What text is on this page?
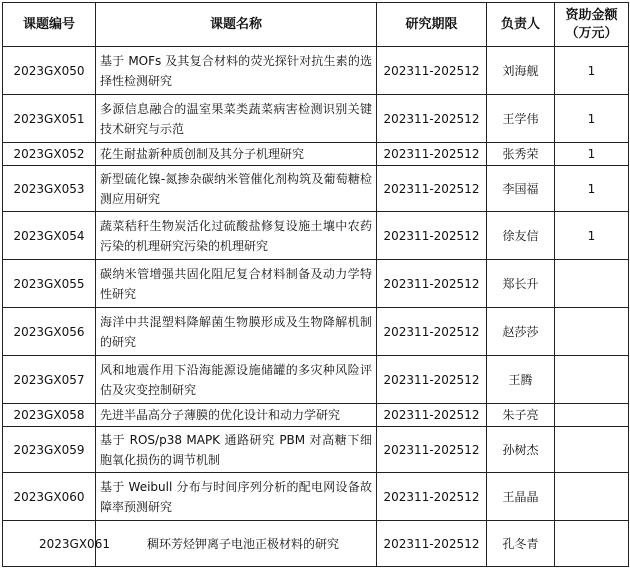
课题编号	课题名称	研究期限	负责人	资助金额（万元）
2023GX050	基于 MOFs 及其复合材料的荧光探针对抗生素的选择性检测研究	202311-202512	刘海舰	1
2023GX051	多源信息融合的温室果菜类蔬菜病害检测识别关键技术研究与示范	202311-202512	王学伟	1
2023GX052	花生耐盐新种质创制及其分子机理研究	202311-202512	张秀荣	1
2023GX053	新型硫化镍-氮掺杂碳纳米管催化剂构筑及葡萄糖检测应用研究	202311-202512	李国福	1
2023GX054	蔬菜秸秆生物炭活化过硫酸盐修复设施土壤中农药污染的机理研究污染的机理研究	202311-202512	徐友信	1
2023GX055	碳纳米管增强共固化阻尼复合材料制备及动力学特性研究	202311-202512	郑长升	
2023GX056	海洋中共混塑料降解菌生物膜形成及生物降解机制的研究	202311-202512	赵莎莎	
2023GX057	风和地震作用下沿海能源设施储罐的多灾种风险评估及灾变控制研究	202311-202512	王腾	
2023GX058	先进半晶高分子薄膜的优化设计和动力学研究	202311-202512	朱子亮	
2023GX059	基于 ROS/p38 MAPK 通路研究 PBM 对高糖下细胞氧化损伤的调节机制	202311-202512	孙树杰	
2023GX060	基于 Weibull 分布与时间序列分析的配电网设备故障率预测研究	202311-202512	王晶晶	
2023GX061	稠环芳烃钾离子电池正极材料的研究	202311-202512	孔冬青	
